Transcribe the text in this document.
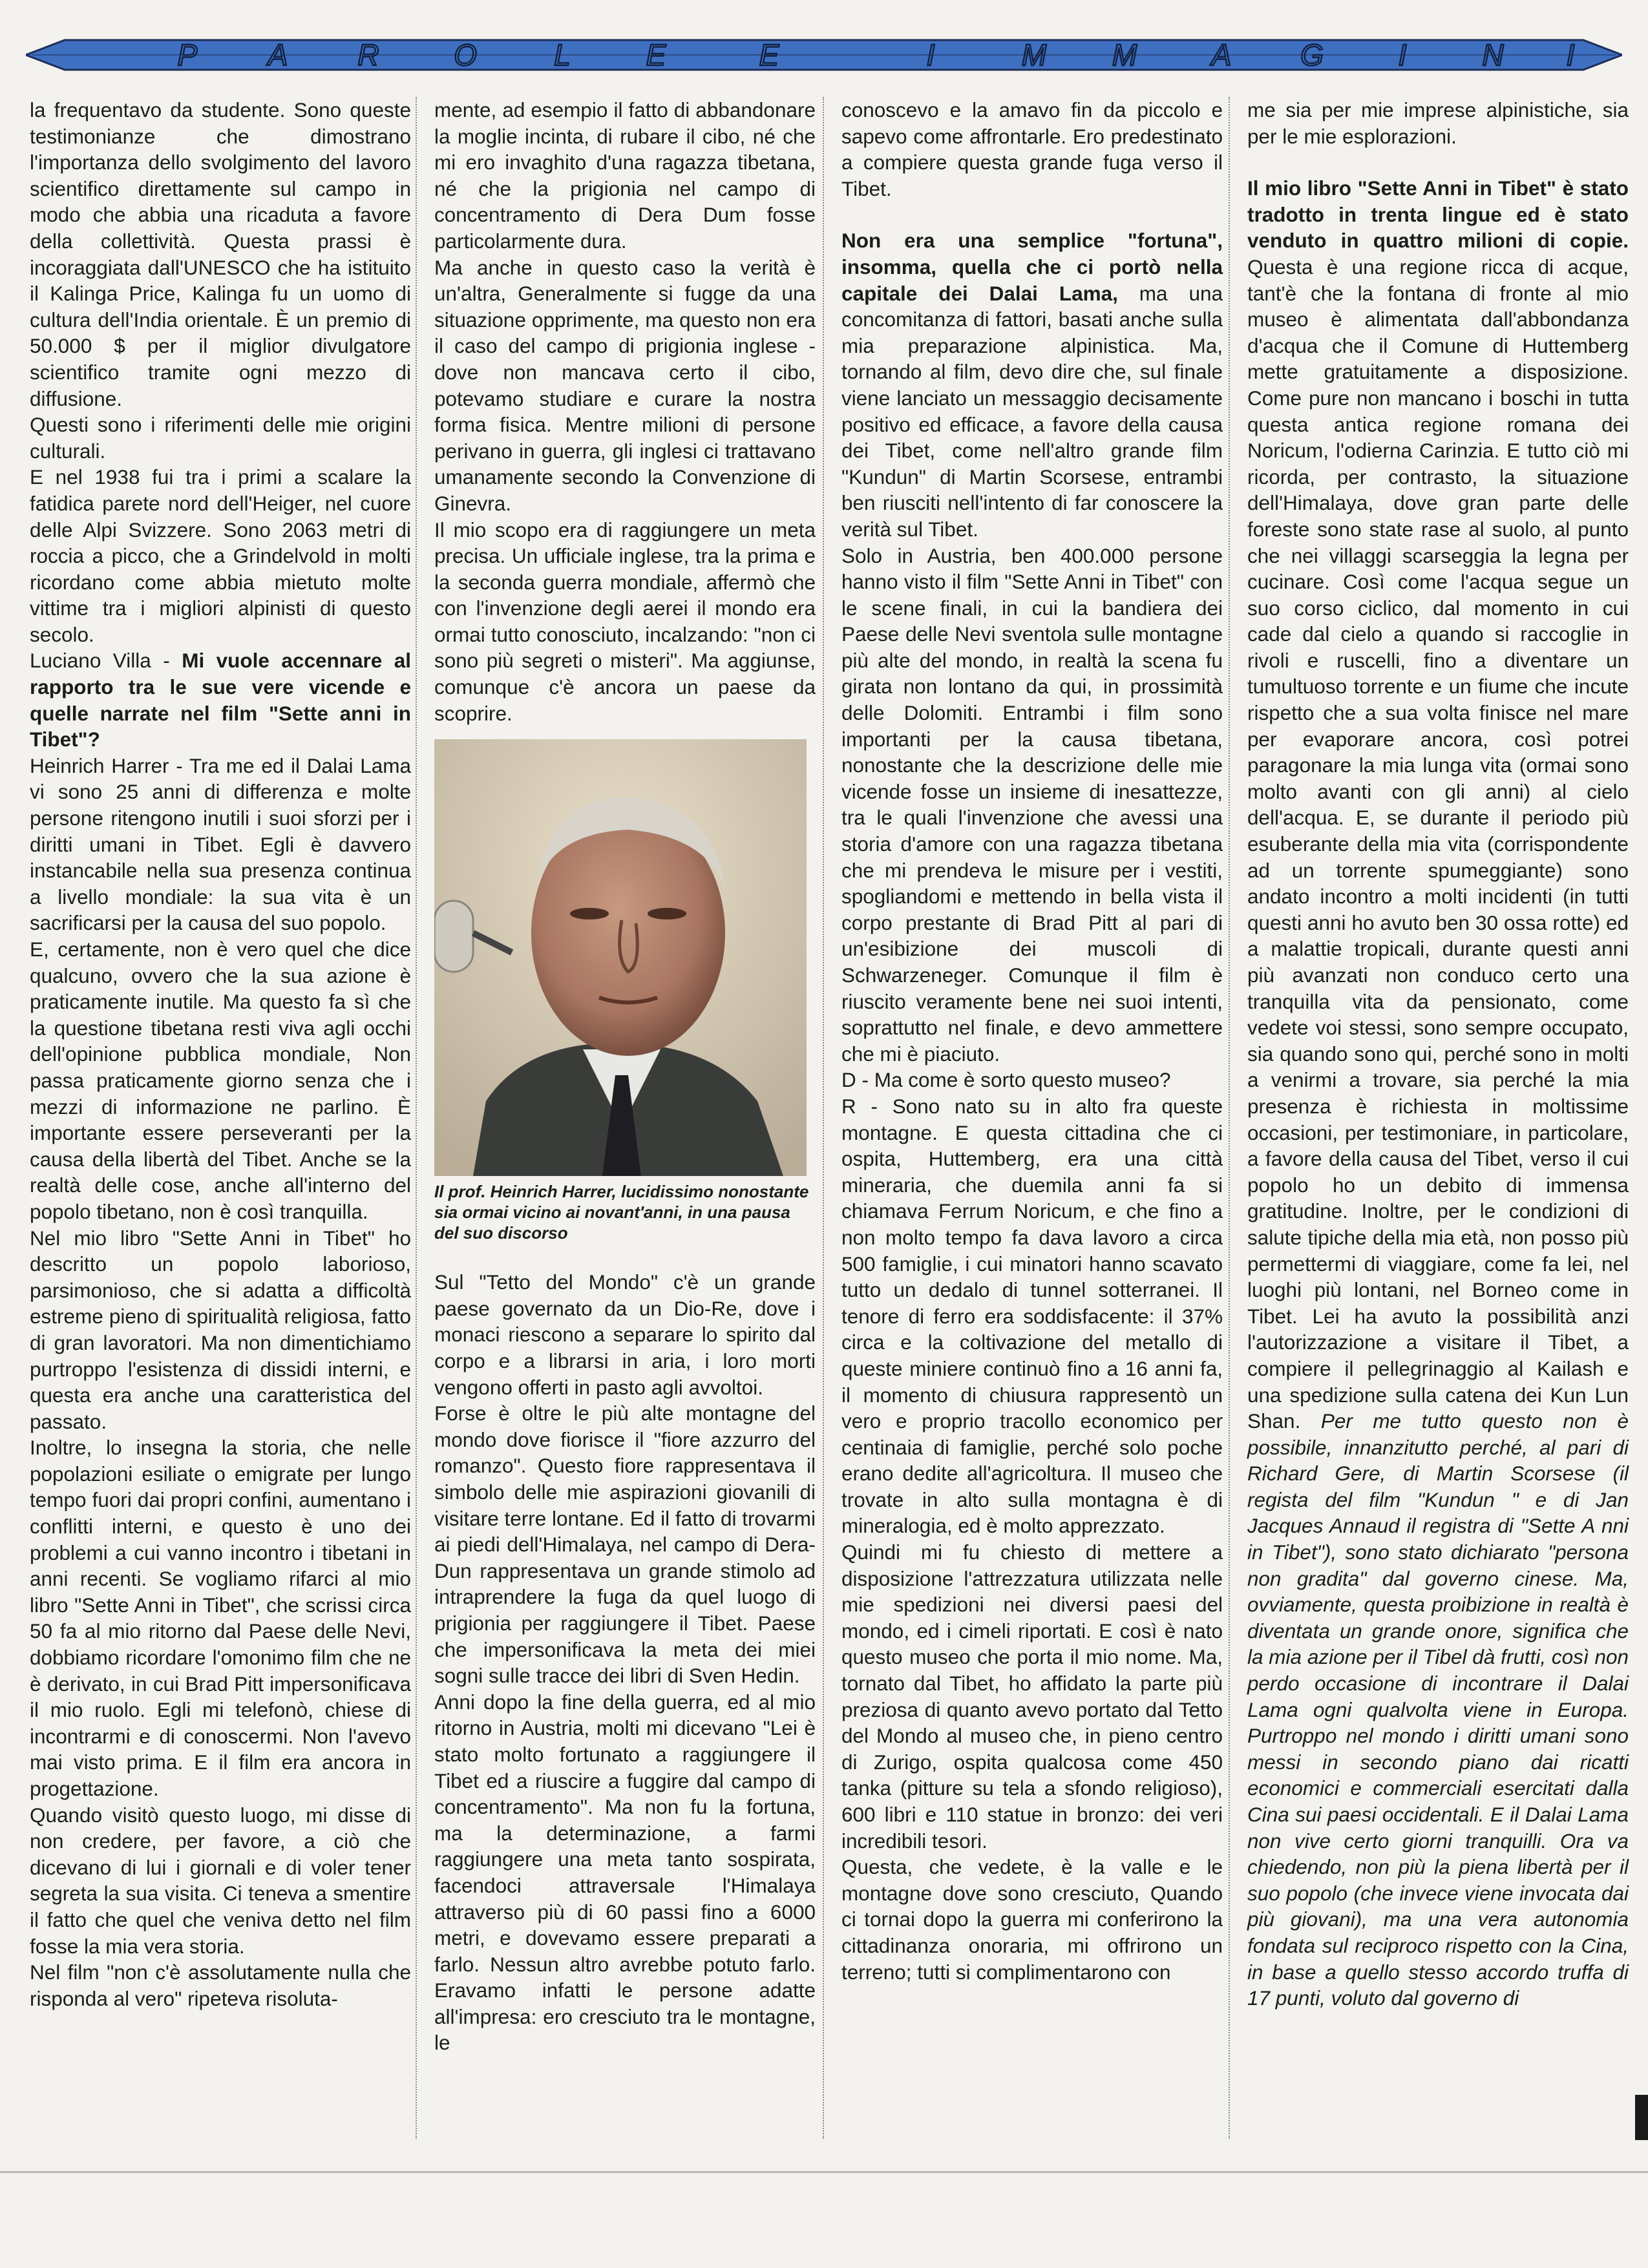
P A R	O	L	E	E	I	M M	A G	I	N I

la frequentavo da studente. Sono queste testimonianze che dimostrano l'importanza dello svolgimento del lavoro scientifico direttamente sul campo in modo che abbia una ricaduta a favore della collettività. Questa prassi è incoraggiata dall'UNESCO che ha istituito il Kalinga Price, Kalinga fu un uomo di cultura dell'India orientale. È un premio di 50.000 $ per il miglior divulgatore scientifico tramite ogni mezzo di diffusione.

Questi sono i riferimenti delle mie origini culturali.

E nel 1938 fui tra i primi a scalare la fatidica parete nord dell'Heiger, nel cuore delle Alpi Svizzere. Sono 2063 metri di roccia a picco, che a Grindelvold in molti ricordano come abbia mietuto molte vittime tra i migliori alpinisti di questo secolo.

Luciano Villa - Mi vuole accennare al rapporto tra le sue vere vicende e quelle narrate nel film "Sette anni in Tibet"?

Heinrich Harrer - Tra me ed il Dalai Lama vi sono 25 anni di differenza e molte persone ritengono inutili i suoi sforzi per i diritti umani in Tibet. Egli è davvero instancabile nella sua presenza continua a livello mondiale: la sua vita è un sacrificarsi per la causa del suo popolo.

E, certamente, non è vero quel che dice qualcuno, ovvero che la sua azione è praticamente inutile. Ma questo fa sì che la questione tibetana resti viva agli occhi dell'opinione pubblica mondiale, Non passa praticamente giorno senza che i mezzi di informazione ne parlino. È importante essere perseveranti per la causa della libertà del Tibet. Anche se la realtà delle cose, anche all'interno del popolo tibetano, non è così tranquilla.

Nel mio libro "Sette Anni in Tibet" ho descritto un popolo laborioso, parsimonioso, che si adatta a difficoltà estreme pieno di spiritualità religiosa, fatto di gran lavoratori. Ma non dimentichiamo purtroppo l'esistenza di dissidi interni, e questa era anche una caratteristica del passato.

Inoltre, lo insegna la storia, che nelle popolazioni esiliate o emigrate per lungo tempo fuori dai propri confini, aumentano i conflitti interni, e questo è uno dei problemi a cui vanno incontro i tibetani in anni recenti. Se vogliamo rifarci al mio libro "Sette Anni in Tibet", che scrissi circa 50 fa al mio ritorno dal Paese delle Nevi, dobbiamo ricordare l'omonimo film che ne è derivato, in cui Brad Pitt impersonificava il mio ruolo. Egli mi telefonò, chiese di incontrarmi e di conoscermi. Non l'avevo mai visto prima. E il film era ancora in progettazione.

Quando visitò questo luogo, mi disse di non credere, per favore, a ciò che dicevano di lui i giornali e di voler tener segreta la sua visita. Ci teneva a smentire il fatto che quel che veniva detto nel film fosse la mia vera storia.

Nel film "non c'è assolutamente nulla che risponda al vero" ripeteva risoluta-

mente, ad esempio il fatto di abbandonare la moglie incinta, di rubare il cibo, né che mi ero invaghito d'una ragazza tibetana, né che la prigionia nel campo di concentramento di Dera Dum fosse particolarmente dura.

Ma anche in questo caso la verità è un'altra, Generalmente si fugge da una situazione opprimente, ma questo non era il caso del campo di prigionia inglese - dove non mancava certo il cibo, potevamo studiare e curare la nostra forma fisica. Mentre milioni di persone perivano in guerra, gli inglesi ci trattavano umanamente secondo la Convenzione di Ginevra.

Il mio scopo era di raggiungere un meta precisa. Un ufficiale inglese, tra la prima e la seconda guerra mondiale, affermò che con l'invenzione degli aerei il mondo era ormai tutto conosciuto, incalzando: "non ci sono più segreti o misteri". Ma aggiunse, comunque c'è ancora un paese da scoprire.

Il prof. Heinrich Harrer, lucidissimo nonostante sia ormai vicino ai novant'anni, in una pausa del suo discorso

Sul "Tetto del Mondo" c'è un grande paese governato da un Dio-Re, dove i monaci riescono a separare lo spirito dal corpo e a librarsi in aria, i loro morti vengono offerti in pasto agli avvoltoi.

Forse è oltre le più alte montagne del mondo dove fiorisce il "fiore azzurro del romanzo". Questo fiore rappresentava il simbolo delle mie aspirazioni giovanili di visitare terre lontane. Ed il fatto di trovarmi ai piedi dell'Himalaya, nel campo di Dera-Dun rappresentava un grande stimolo ad intraprendere la fuga da quel luogo di prigionia per raggiungere il Tibet. Paese che impersonificava la meta dei miei sogni sulle tracce dei libri di Sven Hedin.

Anni dopo la fine della guerra, ed al mio ritorno in Austria, molti mi dicevano "Lei è stato molto fortunato a raggiungere il Tibet ed a riuscire a fuggire dal campo di concentramento". Ma non fu la fortuna, ma la determinazione, a farmi raggiungere una meta tanto sospirata, facendoci attraversale l'Himalaya attraverso più di 60 passi fino a 6000 metri, e dovevamo essere preparati a farlo. Nessun altro avrebbe potuto farlo. Eravamo infatti le persone adatte all'impresa: ero cresciuto tra le montagne, le

conoscevo e la amavo fin da piccolo e sapevo come affrontarle. Ero predestinato a compiere questa grande fuga verso il Tibet.

Non era una semplice "fortuna", insomma, quella che ci portò nella capitale dei Dalai Lama, ma una concomitanza di fattori, basati anche sulla mia preparazione alpinistica. Ma, tornando al film, devo dire che, sul finale viene lanciato un messaggio decisamente positivo ed efficace, a favore della causa dei Tibet, come nell'altro grande film "Kundun" di Martin Scorsese, entrambi ben riusciti nell'intento di far conoscere la verità sul Tibet.

Solo in Austria, ben 400.000 persone hanno visto il film "Sette Anni in Tibet" con le scene finali, in cui la bandiera dei Paese delle Nevi sventola sulle montagne più alte del mondo, in realtà la scena fu girata non lontano da qui, in prossimità delle Dolomiti. Entrambi i film sono importanti per la causa tibetana, nonostante che la descrizione delle mie vicende fosse un insieme di inesattezze, tra le quali l'invenzione che avessi una storia d'amore con una ragazza tibetana che mi prendeva le misure per i vestiti, spogliandomi e mettendo in bella vista il corpo prestante di Brad Pitt al pari di un'esibizione dei muscoli di Schwarzeneger. Comunque il film è riuscito veramente bene nei suoi intenti, soprattutto nel finale, e devo ammettere che mi è piaciuto.

D - Ma come è sorto questo museo?

R - Sono nato su in alto fra queste montagne. E questa cittadina che ci ospita, Huttemberg, era una città mineraria, che duemila anni fa si chiamava Ferrum Noricum, e che fino a non molto tempo fa dava lavoro a circa 500 famiglie, i cui minatori hanno scavato tutto un dedalo di tunnel sotterranei. Il tenore di ferro era soddisfacente: il 37% circa e la coltivazione del metallo di queste miniere continuò fino a 16 anni fa, il momento di chiusura rappresentò un vero e proprio tracollo economico per centinaia di famiglie, perché solo poche erano dedite all'agricoltura. Il museo che trovate in alto sulla montagna è di mineralogia, ed è molto apprezzato.

Quindi mi fu chiesto di mettere a disposizione l'attrezzatura utilizzata nelle mie spedizioni nei diversi paesi del mondo, ed i cimeli riportati. E così è nato questo museo che porta il mio nome. Ma, tornato dal Tibet, ho affidato la parte più preziosa di quanto avevo portato dal Tetto del Mondo al museo che, in pieno centro di Zurigo, ospita qualcosa come 450 tanka (pitture su tela a sfondo religioso), 600 libri e 110 statue in bronzo: dei veri incredibili tesori.

Questa, che vedete, è la valle e le montagne dove sono cresciuto, Quando ci tornai dopo la guerra mi conferirono la cittadinanza onoraria, mi offrirono un terreno; tutti si complimentarono con

me sia per mie imprese alpinistiche, sia per le mie esplorazioni.

Il mio libro "Sette Anni in Tibet" è stato tradotto in trenta lingue ed è stato venduto in quattro milioni di copie. Questa è una regione ricca di acque, tant'è che la fontana di fronte al mio museo è alimentata dall'abbondanza d'acqua che il Comune di Huttemberg mette gratuitamente a disposizione. Come pure non mancano i boschi in tutta questa antica regione romana dei Noricum, l'odierna Carinzia. E tutto ciò mi ricorda, per contrasto, la situazione dell'Himalaya, dove gran parte delle foreste sono state rase al suolo, al punto che nei villaggi scarseggia la legna per cucinare. Così come l'acqua segue un suo corso ciclico, dal momento in cui cade dal cielo a quando si raccoglie in rivoli e ruscelli, fino a diventare un tumultuoso torrente e un fiume che incute rispetto che a sua volta finisce nel mare per evaporare ancora, così potrei paragonare la mia lunga vita (ormai sono molto avanti con gli anni) al cielo dell'acqua. E, se durante il periodo più esuberante della mia vita (corrispondente ad un torrente spumeggiante) sono andato incontro a molti incidenti (in tutti questi anni ho avuto ben 30 ossa rotte) ed a malattie tropicali, durante questi anni più avanzati non conduco certo una tranquilla vita da pensionato, come vedete voi stessi, sono sempre occupato, sia quando sono qui, perché sono in molti a venirmi a trovare, sia perché la mia presenza è richiesta in moltissime occasioni, per testimoniare, in particolare, a favore della causa del Tibet, verso il cui popolo ho un debito di immensa gratitudine. Inoltre, per le condizioni di salute tipiche della mia età, non posso più permettermi di viaggiare, come fa lei, nel luoghi più lontani, nel Borneo come in Tibet. Lei ha avuto la possibilità anzi l'autorizzazione a visitare il Tibet, a compiere il pellegrinaggio al Kailash e una spedizione sulla catena dei Kun Lun Shan. Per me tutto questo non è possibile, innanzitutto perché, al pari di Richard Gere, di Martin Scorsese (il regista del film "Kundun " e di Jan Jacques Annaud il registra di "Sette A nni in Tibet"), sono stato dichiarato "persona non gradita" dal governo cinese. Ma, ovviamente, questa proibizione in realtà è diventata un grande onore, significa che la mia azione per il Tibel dà frutti, così non perdo occasione di incontrare il Dalai Lama ogni qualvolta viene in Europa. Purtroppo nel mondo i diritti umani sono messi in secondo piano dai ricatti economici e commerciali esercitati dalla Cina sui paesi occidentali. E il Dalai Lama non vive certo giorni tranquilli. Ora va chiedendo, non più la piena libertà per il suo popolo (che invece viene invocata dai più giovani), ma una vera autonomia fondata sul reciproco rispetto con la Cina, in base a quello stesso accordo truffa di 17 punti, voluto dal governo di
